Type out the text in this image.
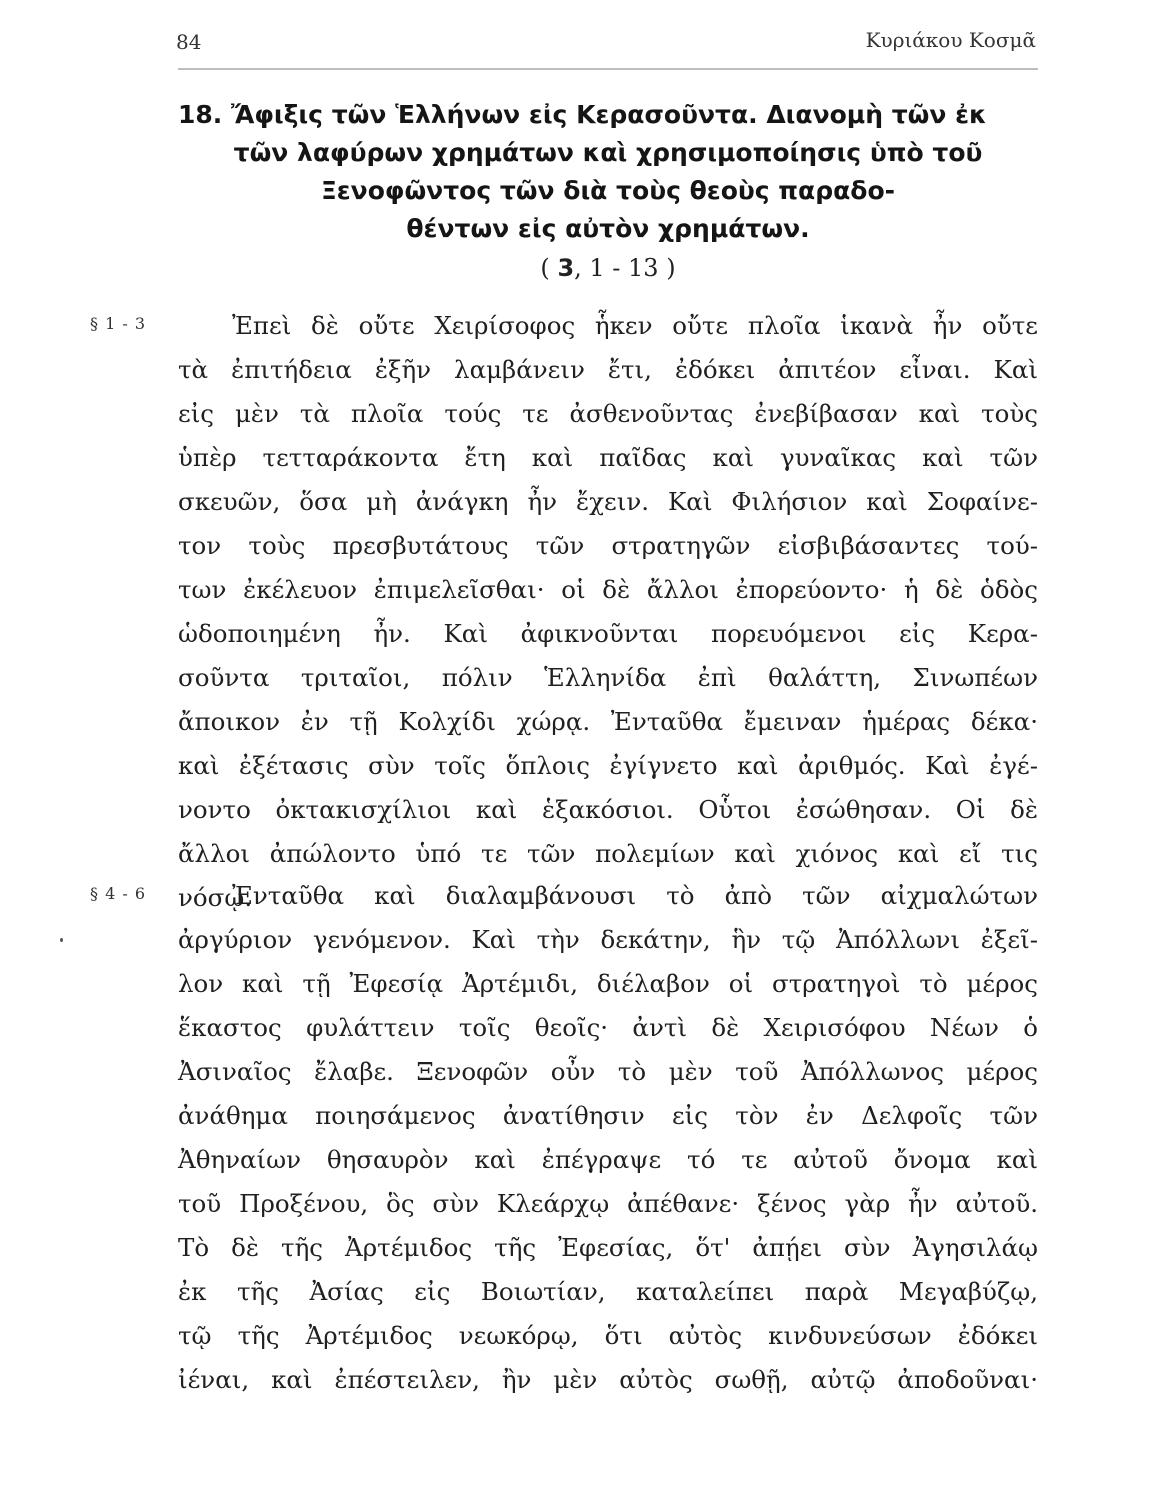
84	Κυριάκου Κοσμᾶ
18. Ἄφιξις τῶν Ἑλλήνων εἰς Κερασοῦντα. Διανομὴ τῶν ἐκ
τῶν λαφύρων χρημάτων καὶ χρησιμοποίησις ὑπὸ τοῦ
Ξενοφῶντος τῶν διὰ τοὺς θεοὺς παραδο-
θέντων εἰς αὐτὸν χρημάτων.
( 3, 1 - 13 )
§ 1 - 3	Ἐπεὶ δὲ οὔτε Χειρίσοφος ἧκεν οὔτε πλοῖα ἱκανὰ ἦν οὔτε
τὰ ἐπιτήδεια ἐξῆν λαμβάνειν ἔτι, ἐδόκει ἀπιτέον εἶναι. Καὶ
εἰς μὲν τὰ πλοῖα τούς τε ἀσθενοῦντας ἐνεβίβασαν καὶ τοὺς
ὑπὲρ τετταράκοντα ἔτη καὶ παῖδας καὶ γυναῖκας καὶ τῶν
σκευῶν, ὅσα μὴ ἀνάγκη ἦν ἔχειν. Καὶ Φιλήσιον καὶ Σοφαίνε-
τον τοὺς πρεσβυτάτους τῶν στρατηγῶν εἰσβιβάσαντες τού-
των ἐκέλευον ἐπιμελεῖσθαι· οἱ δὲ ἄλλοι ἐπορεύοντο· ἡ δὲ ὁδὸς
ὡδοποιημένη ἦν. Καὶ ἀφικνοῦνται πορευόμενοι εἰς Κερα-
σοῦντα τριταῖοι, πόλιν Ἑλληνίδα ἐπὶ θαλάττη, Σινωπέων
ἄποικον ἐν τῇ Κολχίδι χώρᾳ. Ἐνταῦθα ἔμειναν ἡμέρας δέκα·
καὶ ἐξέτασις σὺν τοῖς ὅπλοις ἐγίγνετο καὶ ἀριθμός. Καὶ ἐγέ-
νοντο ὀκτακισχίλιοι καὶ ἑξακόσιοι. Οὗτοι ἐσώθησαν. Οἱ δὲ
ἄλλοι ἀπώλοντο ὑπό τε τῶν πολεμίων καὶ χιόνος καὶ εἴ τις
νόσῳ.
§ 4 - 6	Ἐνταῦθα καὶ διαλαμβάνουσι τὸ ἀπὸ τῶν αἰχμαλώτων
ἀργύριον γενόμενον. Καὶ τὴν δεκάτην, ἣν τῷ Ἀπόλλωνι ἐξεῖ-
λον καὶ τῇ Ἐφεσίᾳ Ἀρτέμιδι, διέλαβον οἱ στρατηγοὶ τὸ μέρος
ἕκαστος φυλάττειν τοῖς θεοῖς· ἀντὶ δὲ Χειρισόφου Νέων ὁ
Ἀσιναῖος ἔλαβε. Ξενοφῶν οὖν τὸ μὲν τοῦ Ἀπόλλωνος μέρος
ἀνάθημα ποιησάμενος ἀνατίθησιν εἰς τὸν ἐν Δελφοῖς τῶν
Ἀθηναίων θησαυρὸν καὶ ἐπέγραψε τό τε αὐτοῦ ὄνομα καὶ
τοῦ Προξένου, ὃς σὺν Κλεάρχῳ ἀπέθανε· ξένος γὰρ ἦν αὐτοῦ.
Τὸ δὲ τῆς Ἀρτέμιδος τῆς Ἐφεσίας, ὅτ' ἀπῄει σὺν Ἀγησιλάῳ
ἐκ τῆς Ἀσίας εἰς Βοιωτίαν, καταλείπει παρὰ Μεγαβύζῳ,
τῷ τῆς Ἀρτέμιδος νεωκόρῳ, ὅτι αὐτὸς κινδυνεύσων ἐδόκει
ἰέναι, καὶ ἐπέστειλεν, ἢν μὲν αὐτὸς σωθῇ, αὐτῷ ἀποδοῦναι·
